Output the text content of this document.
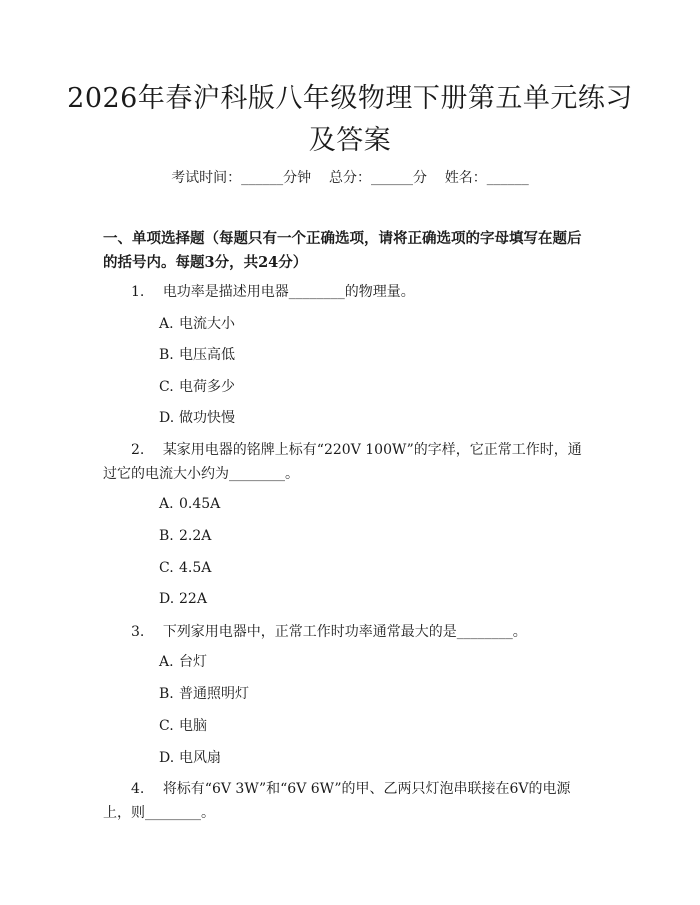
2026年春沪科版八年级物理下册第五单元练习及答案
考试时间：______分钟    总分：______分    姓名：______
一、单项选择题（每题只有一个正确选项，请将正确选项的字母填写在题后的括号内。每题3分，共24分）
1. 电功率是描述用电器________的物理量。
A. 电流大小
B. 电压高低
C. 电荷多少
D. 做功快慢
2. 某家用电器的铭牌上标有“220V 100W”的字样，它正常工作时，通过它的电流大小约为________。
A. 0.45A
B. 2.2A
C. 4.5A
D. 22A
3. 下列家用电器中，正常工作时功率通常最大的是________。
A. 台灯
B. 普通照明灯
C. 电脑
D. 电风扇
4. 将标有“6V 3W”和“6V 6W”的甲、乙两只灯泡串联接在6V的电源上，则________。
